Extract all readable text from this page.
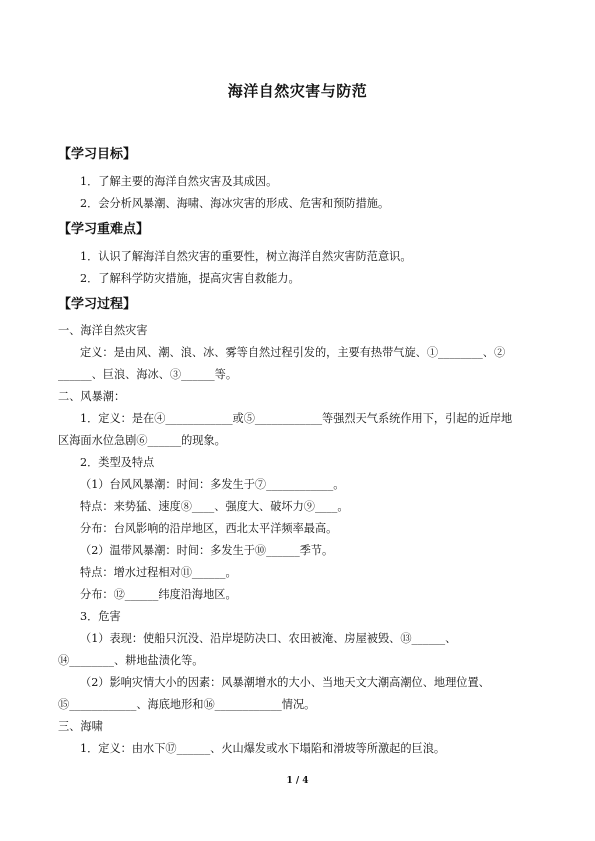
海洋自然灾害与防范
【学习目标】
1．了解主要的海洋自然灾害及其成因。
2．会分析风暴潮、海啸、海冰灾害的形成、危害和预防措施。
【学习重难点】
1．认识了解海洋自然灾害的重要性，树立海洋自然灾害防范意识。
2．了解科学防灾措施，提高灾害自救能力。
【学习过程】
一、海洋自然灾害
定义：是由风、潮、浪、冰、雾等自然过程引发的，主要有热带气旋、①________、②
______、巨浪、海冰、③______等。
二、风暴潮：
1．定义：是在④____________或⑤____________等强烈天气系统作用下，引起的近岸地
区海面水位急剧⑥______的现象。
2．类型及特点
（1）台风风暴潮：时间：多发生于⑦____________。
特点：来势猛、速度⑧____、强度大、破坏力⑨____。
分布：台风影响的沿岸地区，西北太平洋频率最高。
（2）温带风暴潮：时间：多发生于⑩______季节。
特点：增水过程相对⑪______。
分布：⑫______纬度沿海地区。
3．危害
（1）表现：使船只沉没、沿岸堤防决口、农田被淹、房屋被毁、⑬______、
⑭________、耕地盐渍化等。
（2）影响灾情大小的因素：风暴潮增水的大小、当地天文大潮高潮位、地理位置、
⑮____________、海底地形和⑯____________情况。
三、海啸
1．定义：由水下⑰______、火山爆发或水下塌陷和滑坡等所激起的巨浪。
1 / 4
